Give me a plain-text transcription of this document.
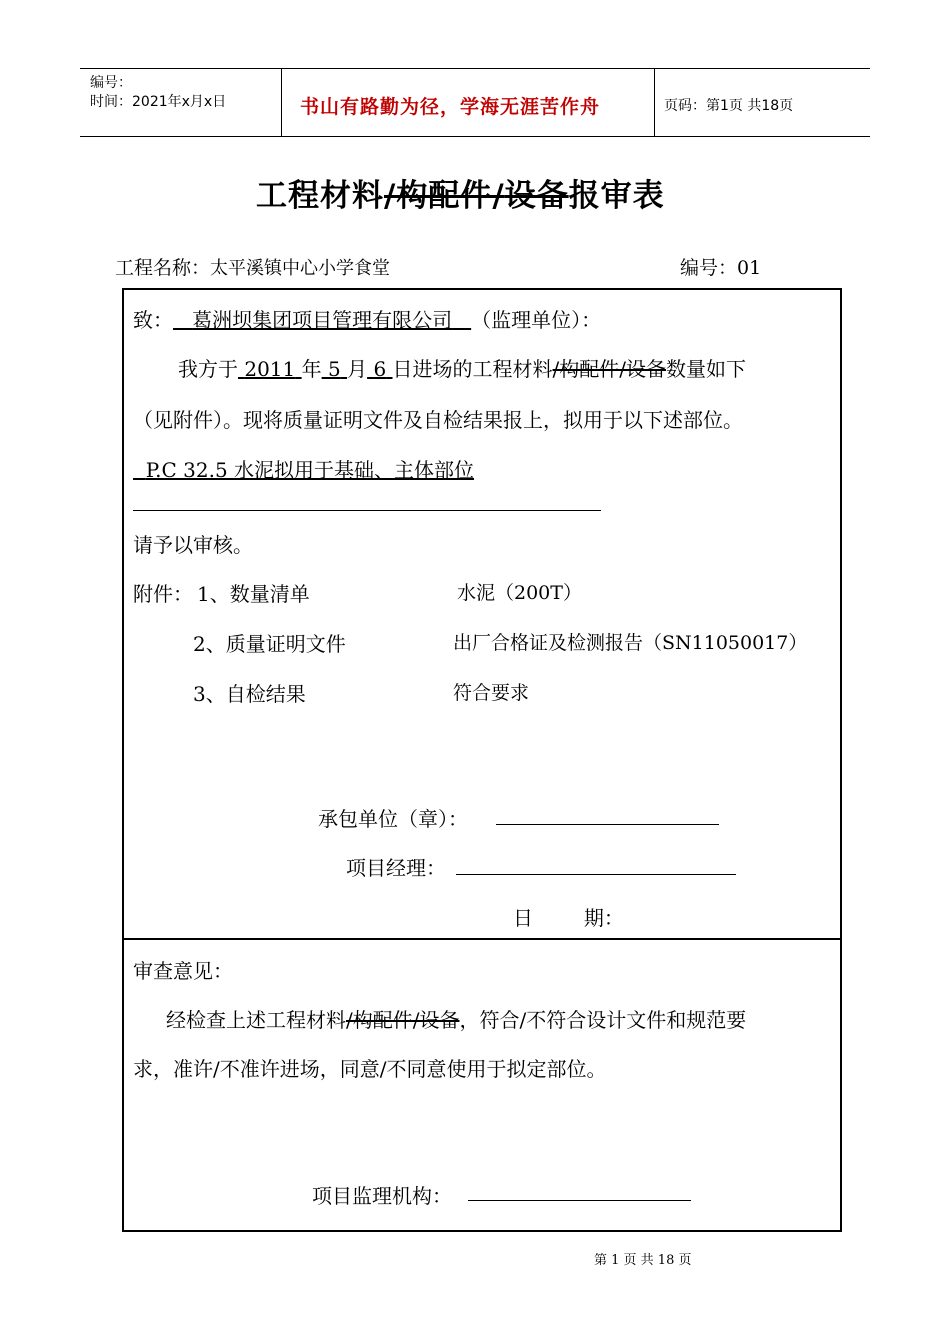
编号：
时间：2021年x月x日	书山有路勤为径，学海无涯苦作舟	页码：第1页 共18页
工程材料/构配件/设备报审表
工程名称：太平溪镇中心小学食堂	编号：01
致： 葛洲坝集团项目管理有限公司 （监理单位）：
我方于 2011 年 5 月 6 日进场的工程材料/构配件/设备数量如下
（见附件）。现将质量证明文件及自检结果报上，拟用于以下述部位。
P.C 32.5 水泥拟用于基础、主体部位
请予以审核。
附件： 1、数量清单	水泥（200T）
2、质量证明文件	出厂合格证及检测报告（SN11050017）
3、自检结果	符合要求
承包单位（章）：
项目经理：
日        期：
审查意见：
经检查上述工程材料/构配件/设备，符合/不符合设计文件和规范要
求，准许/不准许进场，同意/不同意使用于拟定部位。
项目监理机构：
第 1 页 共 18 页
